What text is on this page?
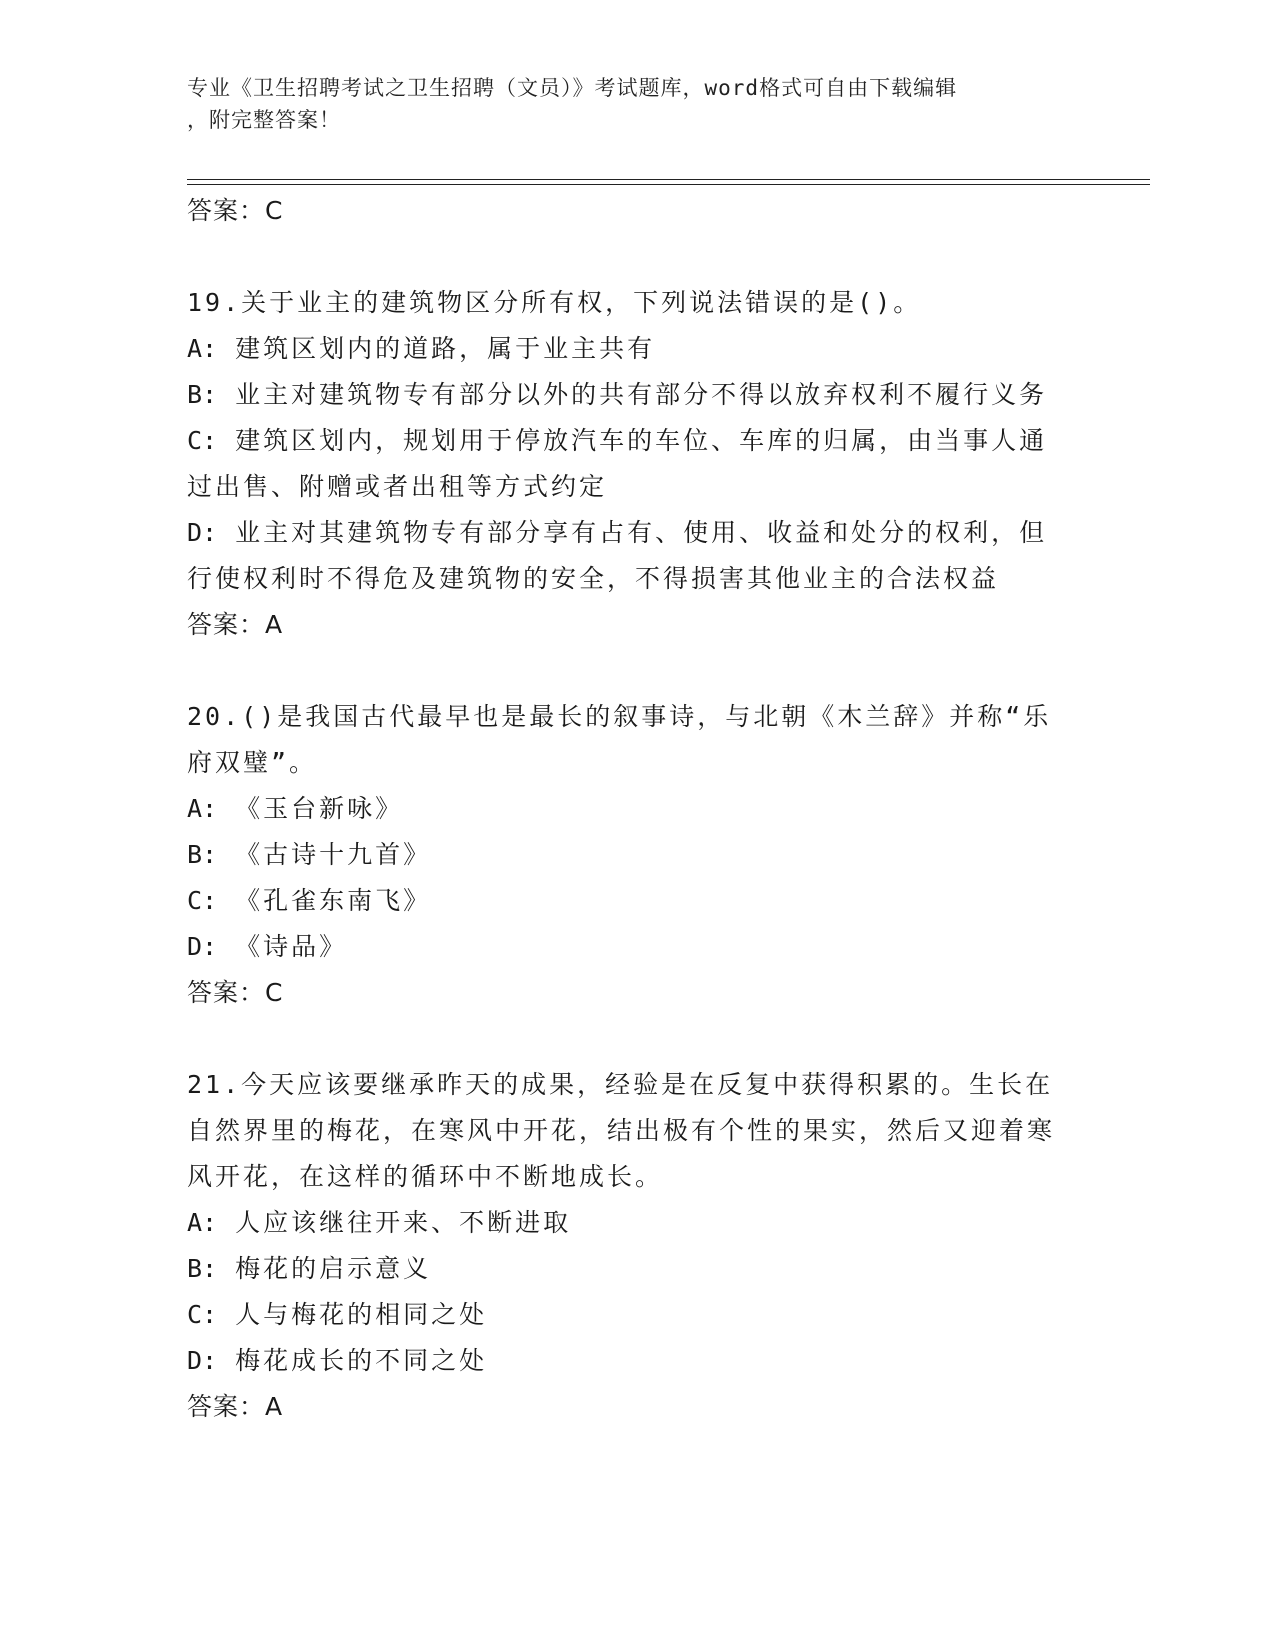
专业《卫生招聘考试之卫生招聘（文员）》考试题库，word格式可自由下载编辑
，附完整答案！

答案：C

19.关于业主的建筑物区分所有权，下列说法错误的是()。

A: 建筑区划内的道路，属于业主共有

B: 业主对建筑物专有部分以外的共有部分不得以放弃权利不履行义务

C: 建筑区划内，规划用于停放汽车的车位、车库的归属，由当事人通过出售、附赠或者出租等方式约定

D: 业主对其建筑物专有部分享有占有、使用、收益和处分的权利，但行使权利时不得危及建筑物的安全，不得损害其他业主的合法权益

答案：A

20.()是我国古代最早也是最长的叙事诗，与北朝《木兰辞》并称“乐府双璧”。

A: 《玉台新咏》

B: 《古诗十九首》

C: 《孔雀东南飞》

D: 《诗品》

答案：C

21.今天应该要继承昨天的成果，经验是在反复中获得积累的。生长在自然界里的梅花，在寒风中开花，结出极有个性的果实，然后又迎着寒风开花，在这样的循环中不断地成长。

A: 人应该继往开来、不断进取

B: 梅花的启示意义

C: 人与梅花的相同之处

D: 梅花成长的不同之处

答案：A
